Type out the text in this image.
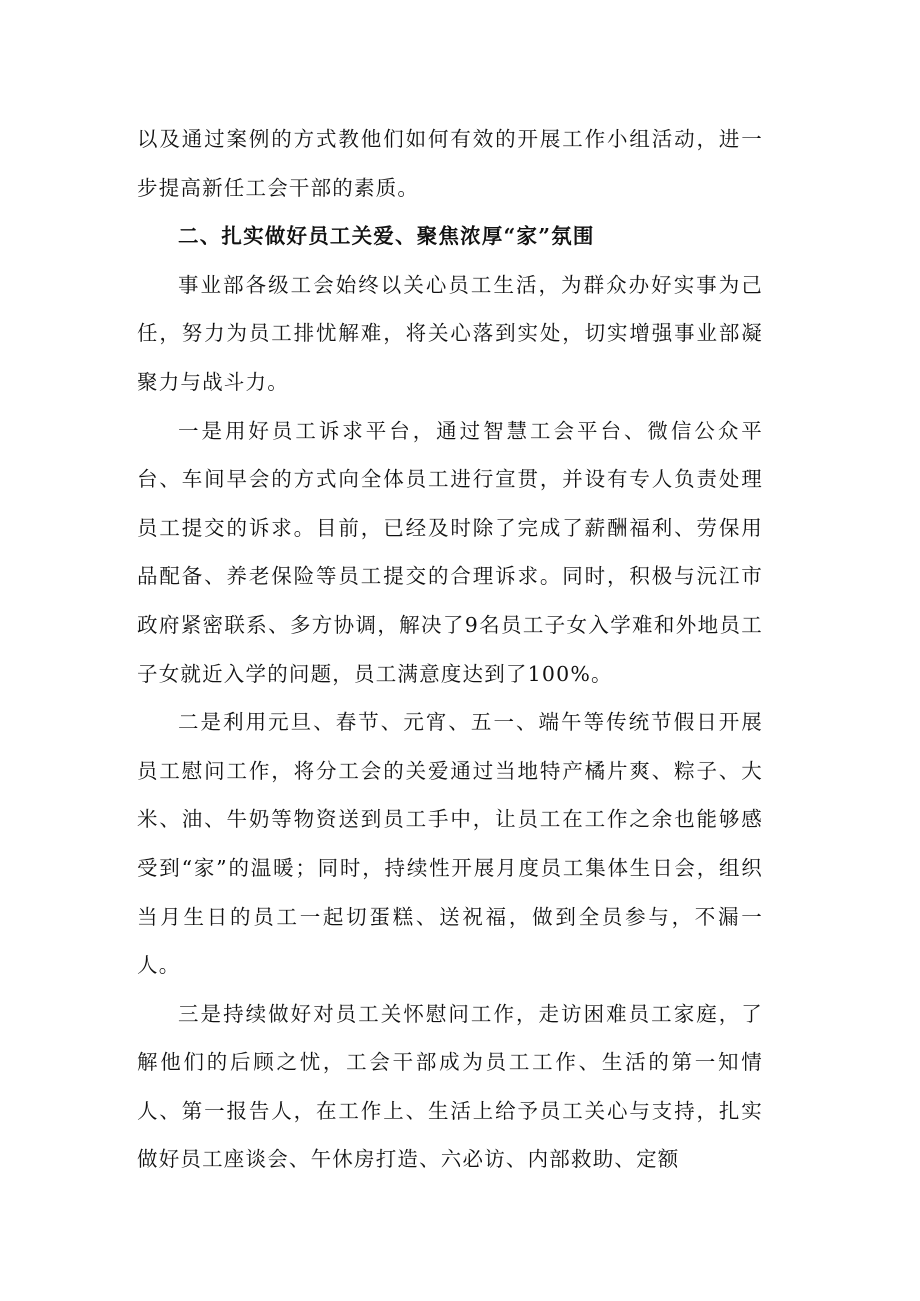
以及通过案例的方式教他们如何有效的开展工作小组活动，进一步提高新任工会干部的素质。

二、扎实做好员工关爱、聚焦浓厚“家”氛围

事业部各级工会始终以关心员工生活，为群众办好实事为己任，努力为员工排忧解难，将关心落到实处，切实增强事业部凝聚力与战斗力。

一是用好员工诉求平台，通过智慧工会平台、微信公众平台、车间早会的方式向全体员工进行宣贯，并设有专人负责处理员工提交的诉求。目前，已经及时除了完成了薪酬福利、劳保用品配备、养老保险等员工提交的合理诉求。同时，积极与沅江市政府紧密联系、多方协调，解决了9名员工子女入学难和外地员工子女就近入学的问题，员工满意度达到了100%。

二是利用元旦、春节、元宵、五一、端午等传统节假日开展员工慰问工作，将分工会的关爱通过当地特产橘片爽、粽子、大米、油、牛奶等物资送到员工手中，让员工在工作之余也能够感受到“家”的温暖；同时，持续性开展月度员工集体生日会，组织当月生日的员工一起切蛋糕、送祝福，做到全员参与，不漏一人。

三是持续做好对员工关怀慰问工作，走访困难员工家庭，了解他们的后顾之忧，工会干部成为员工工作、生活的第一知情人、第一报告人，在工作上、生活上给予员工关心与支持，扎实做好员工座谈会、午休房打造、六必访、内部救助、定额
